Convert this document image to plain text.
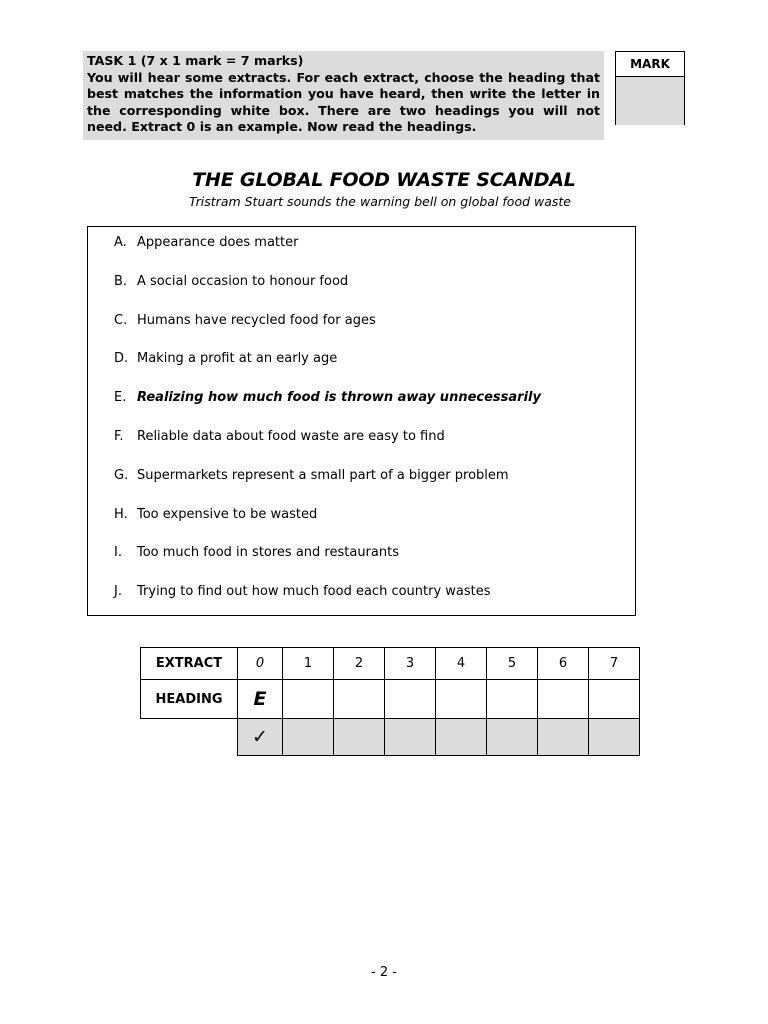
TASK 1 (7 x 1 mark = 7 marks)
You will hear some extracts. For each extract, choose the heading that best matches the information you have heard, then write the letter in the corresponding white box. There are two headings you will not need. Extract 0 is an example. Now read the headings.
MARK
THE GLOBAL FOOD WASTE SCANDAL
Tristram Stuart sounds the warning bell on global food waste
A. Appearance does matter
B. A social occasion to honour food
C. Humans have recycled food for ages
D. Making a profit at an early age
E. Realizing how much food is thrown away unnecessarily
F. Reliable data about food waste are easy to find
G. Supermarkets represent a small part of a bigger problem
H. Too expensive to be wasted
I. Too much food in stores and restaurants
J. Trying to find out how much food each country wastes
EXTRACT	0	1	2	3	4	5	6	7
HEADING	E							
	✓							
- 2 -
